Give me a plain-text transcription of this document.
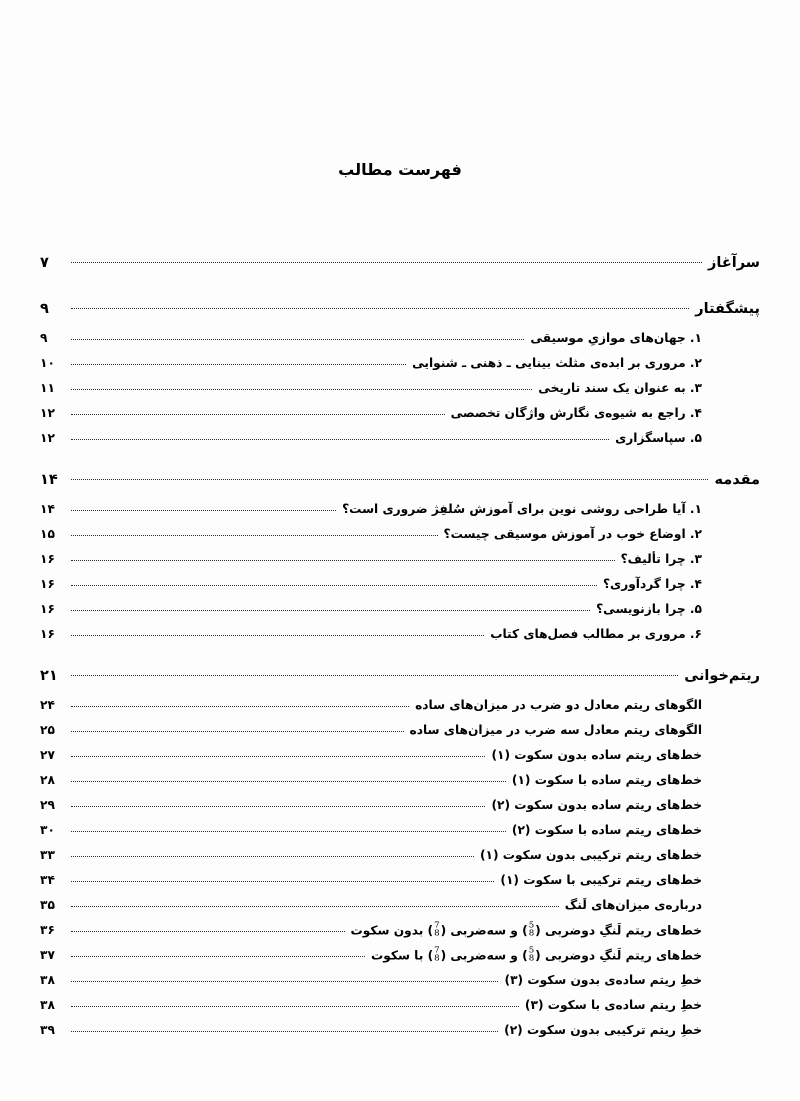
فهرست مطالب
سرآغاز
۷
پیشگفتار
۹
۱. جهان‌های موازیِ موسیقی
۹
۲. مروری بر ابده‌ی مثلث بینایی ـ ذهنی ـ شنوایی
۱۰
۳. به عنوان یک سند تاریخی
۱۱
۴. راجع به شیوه‌ی نگارش واژگان تخصصی
۱۲
۵. سپاسگزاری
۱۲
مقدمه
۱۴
۱. آیا طراحی روشی نوین برای آموزش سُلفِژ ضروری است؟
۱۴
۲. اوضاع خوب در آموزش موسیقی چیست؟
۱۵
۳. چرا تألیف؟
۱۶
۴. چرا گردآوری؟
۱۶
۵. چرا بازنویسی؟
۱۶
۶. مروری بر مطالب فصل‌های کتاب
۱۶
ریتم‌خوانی
۲۱
الگوهای ریتم معادل دو ضرب در میزان‌های ساده
۲۴
الگوهای ریتم معادل سه ضرب در میزان‌های ساده
۲۵
خط‌های ریتم ساده بدون سکوت (۱)
۲۷
خط‌های ریتم ساده با سکوت (۱)
۲۸
خط‌های ریتم ساده بدون سکوت (۲)
۲۹
خط‌های ریتم ساده با سکوت (۲)
۳۰
خط‌های ریتم ترکیبی بدون سکوت (۱)
۳۳
خط‌های ریتم ترکیبی با سکوت (۱)
۳۴
درباره‌ی میزان‌های لَنگ
۳۵
خط‌های ریتم لَنگِ دوضربی (
5
8
) و سه‌ضربی (
7
8
) بدون سکوت
۳۶
خط‌های ریتم لَنگِ دوضربی (
5
8
) و سه‌ضربی (
7
8
) با سکوت
۳۷
خطِ ریتم ساده‌ی بدون سکوت (۳)
۳۸
خطِ ریتم ساده‌ی با سکوت (۳)
۳۸
خطِ ریتم ترکیبی بدون سکوت (۲)
۳۹
